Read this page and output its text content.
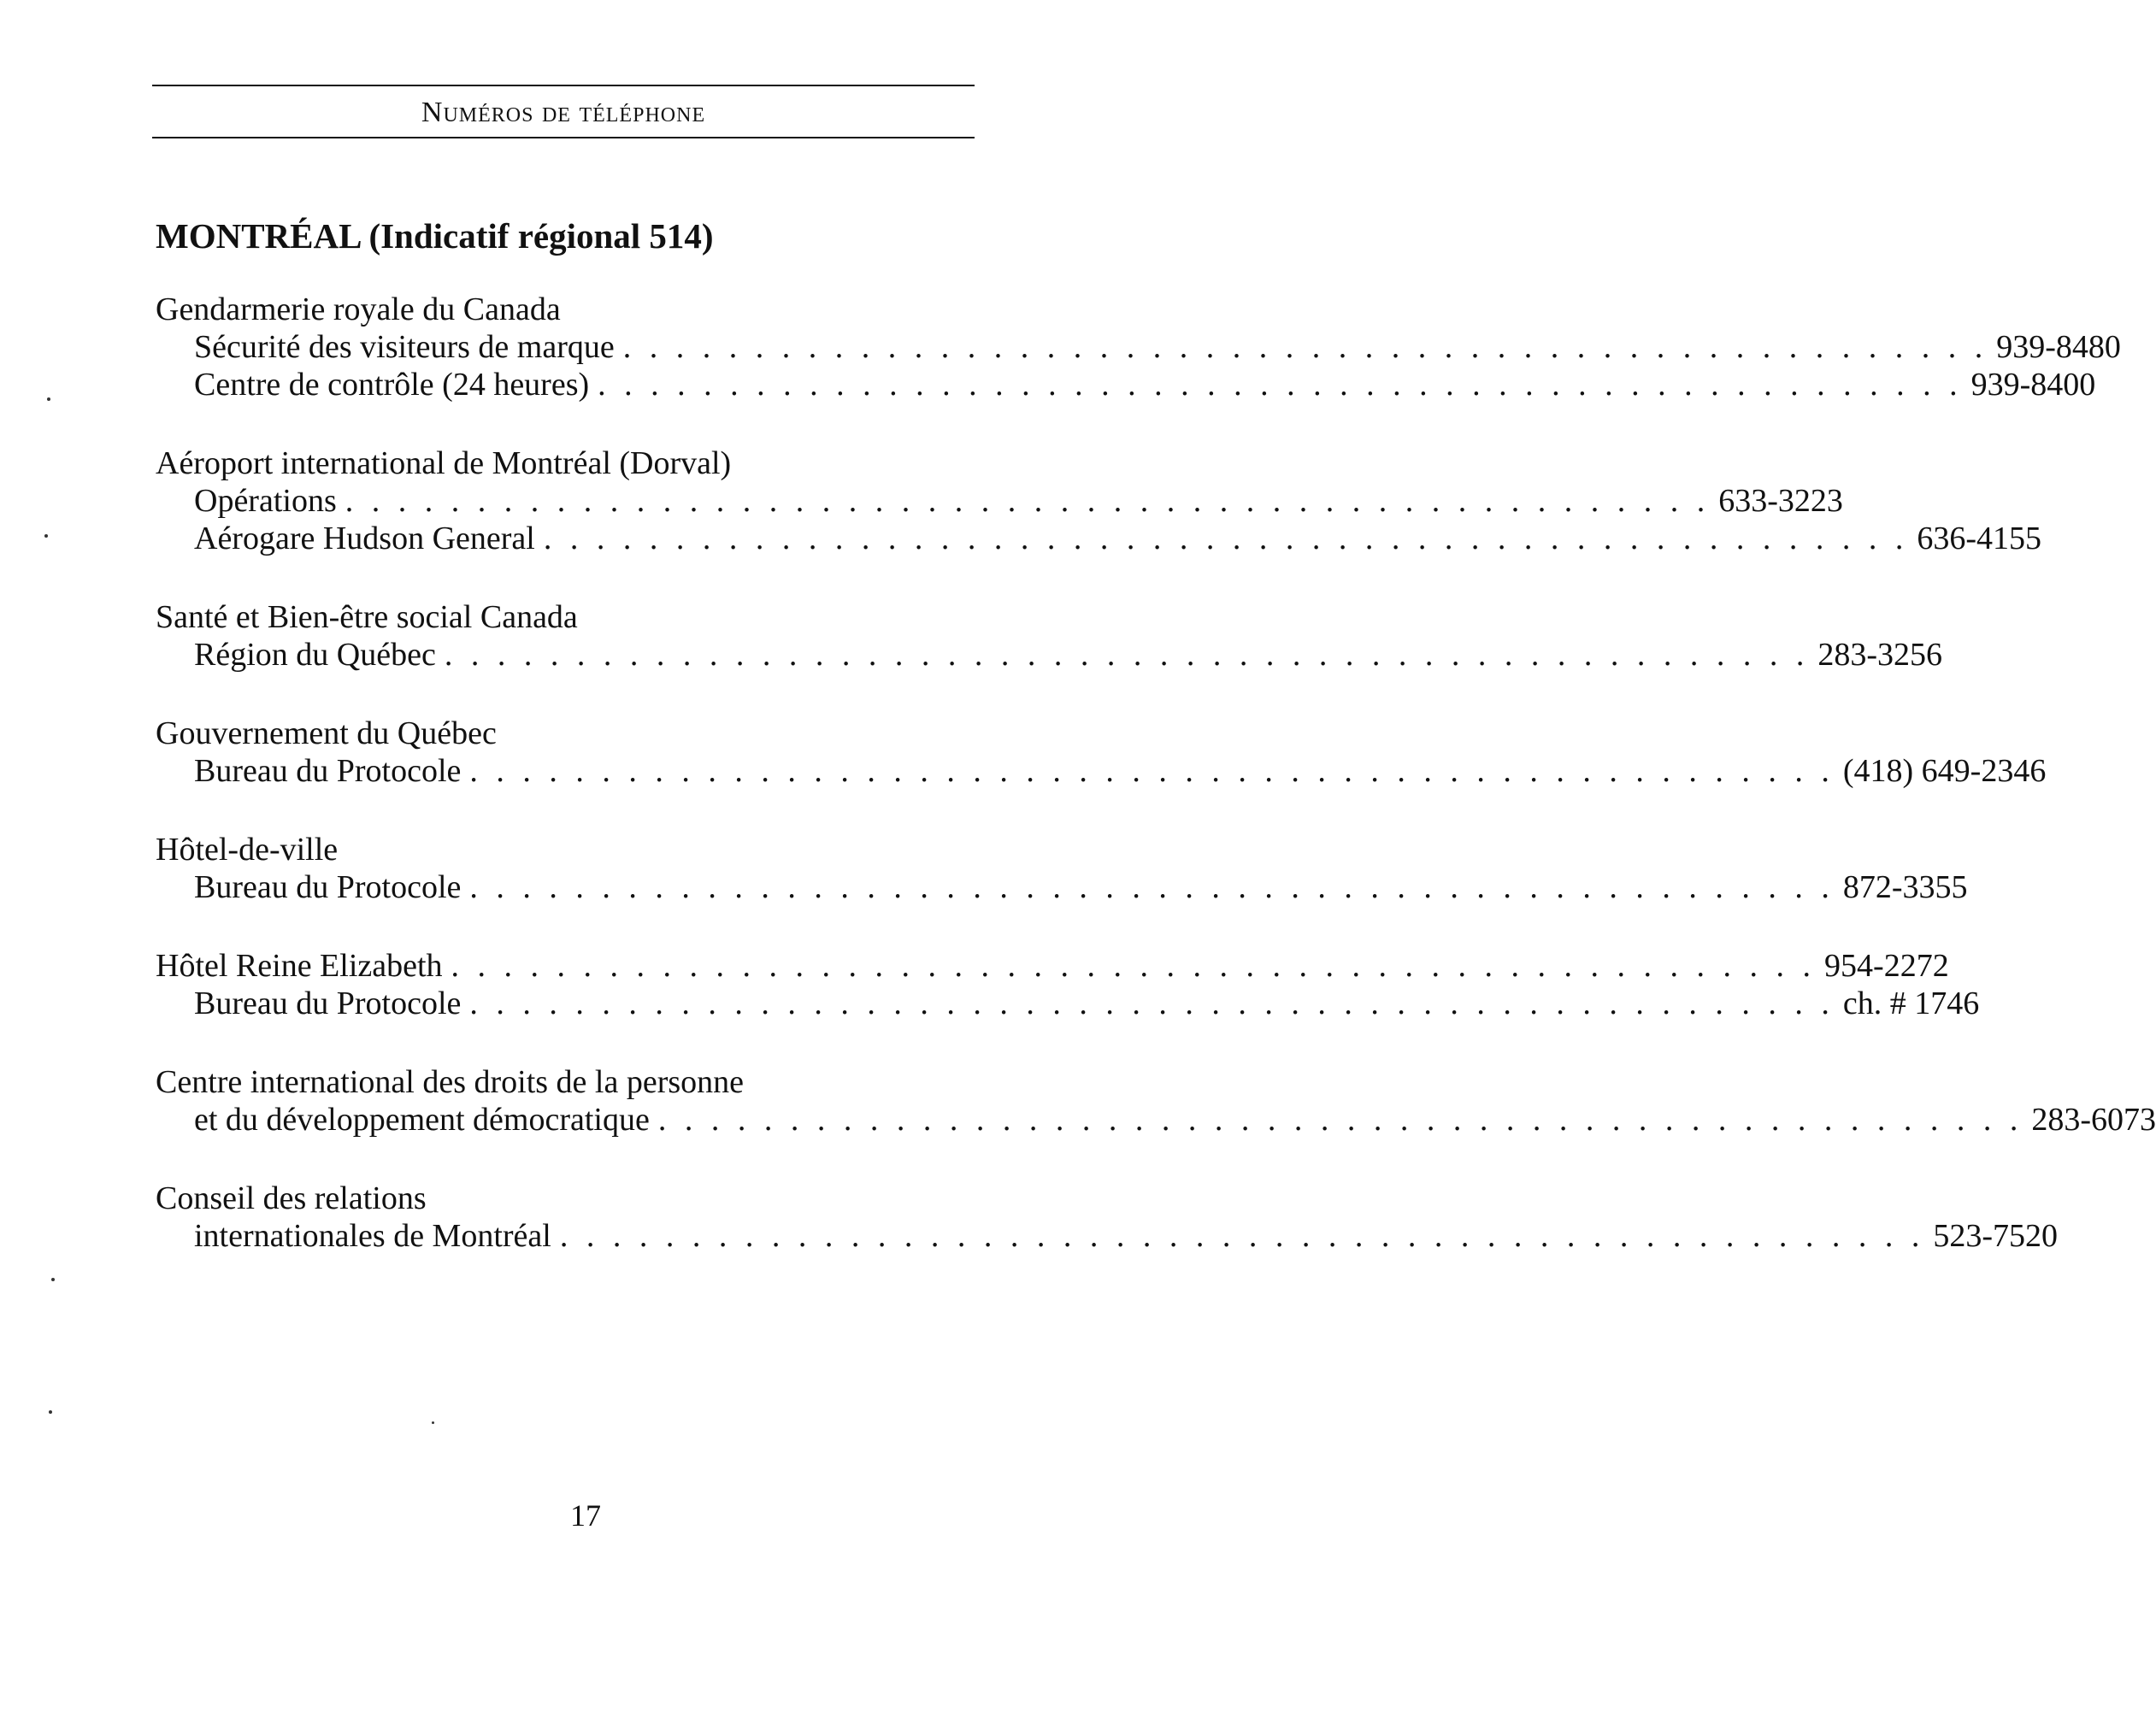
Numéros de téléphone
MONTRÉAL (Indicatif régional 514)
Gendarmerie royale du Canada
Sécurité des visiteurs de marque . . . . . . . . . . . . . . . . . . . . . . . . . . . . . . . . . . . . . . . . . . . . . . . . . . . . 939-8480
Centre de contrôle (24 heures) . . . . . . . . . . . . . . . . . . . . . . . . . . . . . . . . . . . . . . . . . . . . . . . . . . . . 939-8400
Aéroport international de Montréal (Dorval)
Opérations . . . . . . . . . . . . . . . . . . . . . . . . . . . . . . . . . . . . . . . . . . . . . . . . . . . . 633-3223
Aérogare Hudson General . . . . . . . . . . . . . . . . . . . . . . . . . . . . . . . . . . . . . . . . . . . . . . . . . . . . 636-4155
Santé et Bien-être social Canada
Région du Québec . . . . . . . . . . . . . . . . . . . . . . . . . . . . . . . . . . . . . . . . . . . . . . . . . . . . 283-3256
Gouvernement du Québec
Bureau du Protocole . . . . . . . . . . . . . . . . . . . . . . . . . . . . . . . . . . . . . . . . . . . . . . . . . . . . (418) 649-2346
Hôtel-de-ville
Bureau du Protocole . . . . . . . . . . . . . . . . . . . . . . . . . . . . . . . . . . . . . . . . . . . . . . . . . . . . 872-3355
Hôtel Reine Elizabeth . . . . . . . . . . . . . . . . . . . . . . . . . . . . . . . . . . . . . . . . . . . . . . . . . . . . 954-2272
Bureau du Protocole . . . . . . . . . . . . . . . . . . . . . . . . . . . . . . . . . . . . . . . . . . . . . . . . . . . . ch. # 1746
Centre international des droits de la personne
et du développement démocratique . . . . . . . . . . . . . . . . . . . . . . . . . . . . . . . . . . . . . . . . . . . . . . . . . . . . 283-6073
Conseil des relations
internationales de Montréal . . . . . . . . . . . . . . . . . . . . . . . . . . . . . . . . . . . . . . . . . . . . . . . . . . . . 523-7520
17
